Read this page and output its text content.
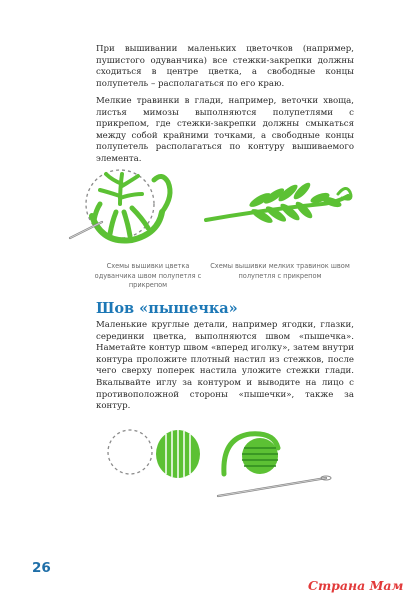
При вышивании маленьких цветочков (например, пушистого одуванчика) все стежки-закрепки должны сходиться в центре цветка, а свободные концы полупетель – располагаться по его краю.

Мелкие травинки в глади, например, веточки хвоща, листья мимозы выполняются полупетлями с прикрепом, где стежки-закрепки должны смыкаться между собой крайними точками, а свободные концы полупетель располагаться по контуру вышиваемого элемента.

Схемы вышивки цветка одуванчика швом полупетля с прикрепом

Схемы вышивки мелких травинок швом полупетля с прикрепом

Шов «пышечка»

Маленькие круглые детали, например ягодки, глазки, серединки цветка, выполняются швом «пышечка». Наметайте контур швом «вперед иголку», затем внутри контура проложите плотный настил из стежков, после чего сверху поперек настила уложите стежки глади. Вкалывайте иглу за контуром и выводите на лицо с противоположной стороны «пышечки», также за контур.

26

Страна Мам
